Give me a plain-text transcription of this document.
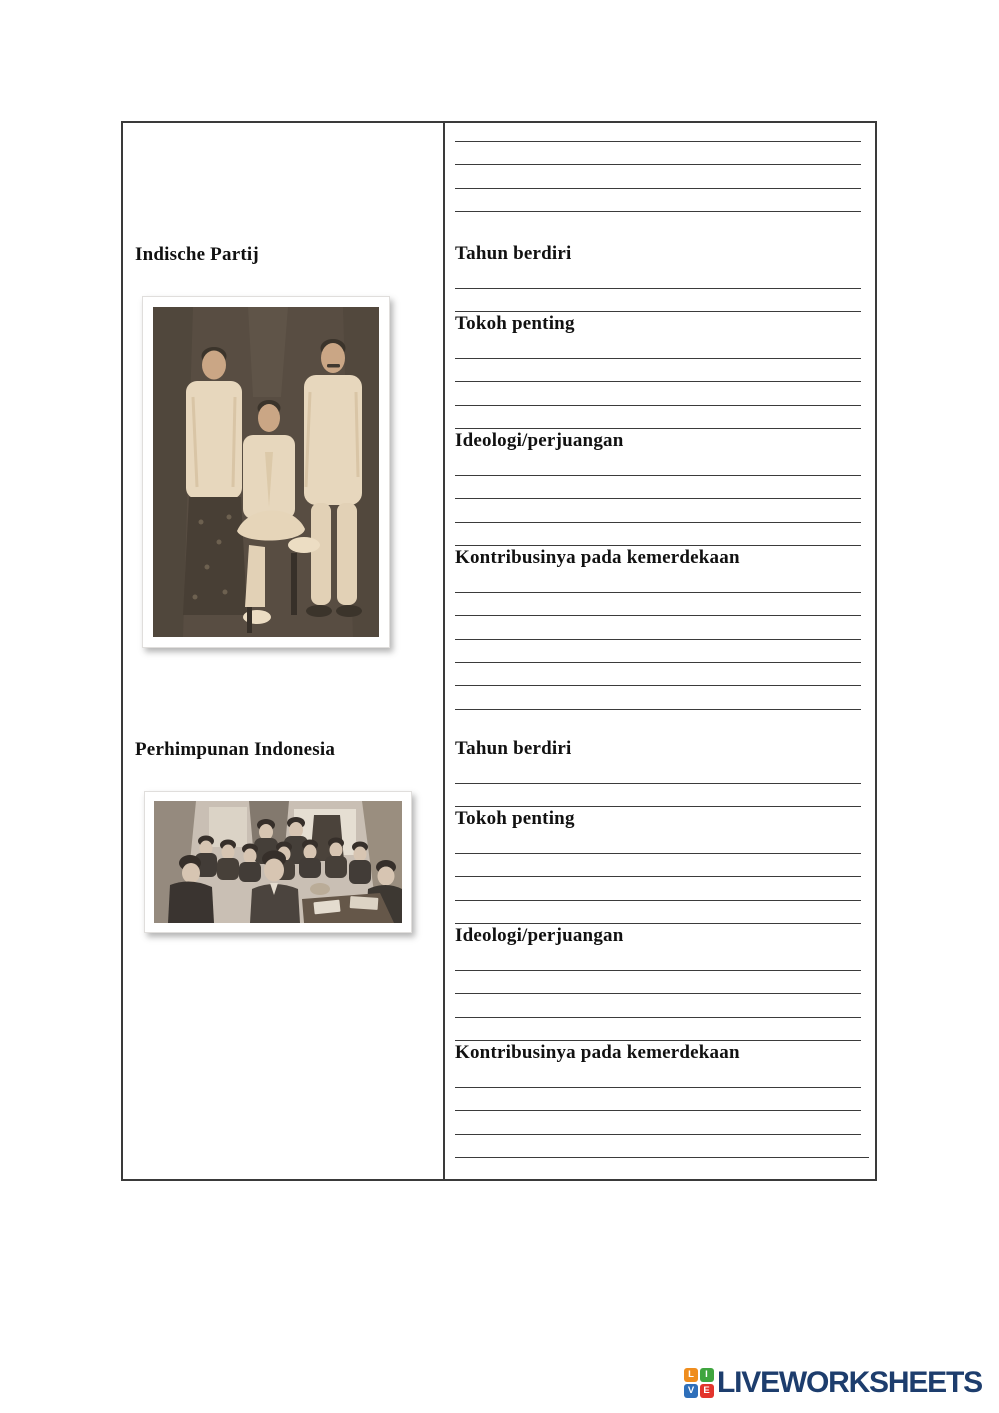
Indische Partij	Tahun berdiri
Tokoh penting
Ideologi/perjuangan
Kontribusinya pada kemerdekaan
Perhimpunan Indonesia	Tahun berdiri
Tokoh penting
Ideologi/perjuangan
Kontribusinya pada kemerdekaan
L	I
V E LIVEWORKSHEETS
